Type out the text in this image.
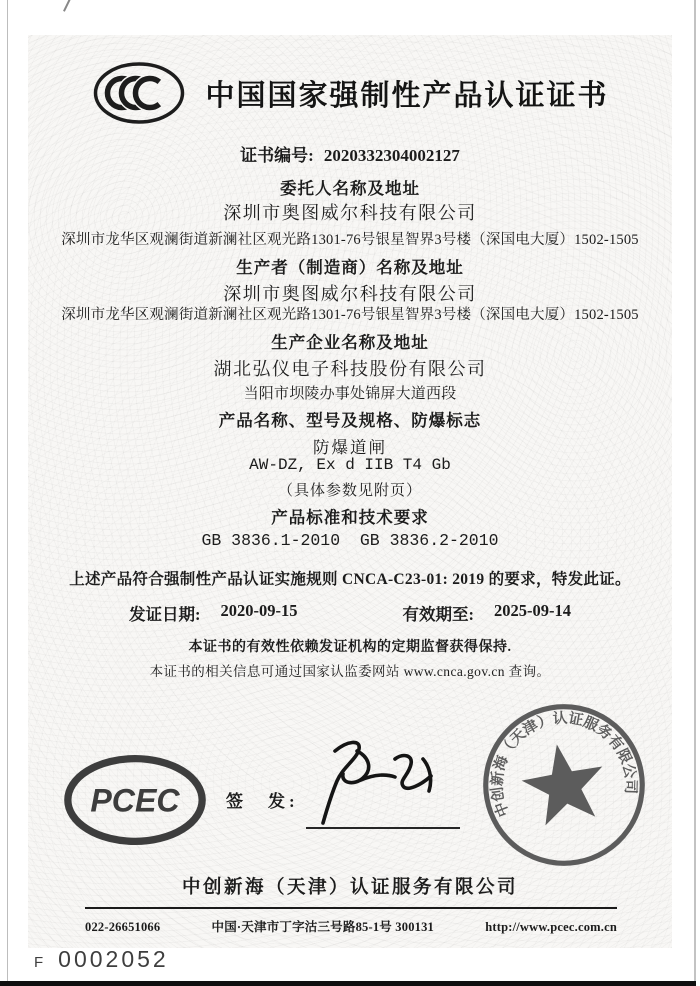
中国国家强制性产品认证证书
证书编号: 2020332304002127
委托人名称及地址
深圳市奥图威尔科技有限公司
深圳市龙华区观澜街道新澜社区观光路1301-76号银星智界3号楼（深国电大厦）1502-1505
生产者（制造商）名称及地址
深圳市奥图威尔科技有限公司
深圳市龙华区观澜街道新澜社区观光路1301-76号银星智界3号楼（深国电大厦）1502-1505
生产企业名称及地址
湖北弘仪电子科技股份有限公司
当阳市坝陵办事处锦屏大道西段
产品名称、型号及规格、防爆标志
防爆道闸
AW-DZ, Ex d IIB T4 Gb
（具体参数见附页）
产品标准和技术要求
GB 3836.1-2010  GB 3836.2-2010
上述产品符合强制性产品认证实施规则 CNCA-C23-01: 2019 的要求，特发此证。
发证日期: 2020-09-15	有效期至: 2025-09-14
本证书的有效性依赖发证机构的定期监督获得保持.
本证书的相关信息可通过国家认监委网站 www.cnca.gov.cn 查询。
PCEC	签　发:	中创新海（天津）认证服务有限公司
中创新海（天津）认证服务有限公司
022-26651066	中国·天津市丁字沽三号路85-1号 300131	http://www.pcec.com.cn
F 0002052
